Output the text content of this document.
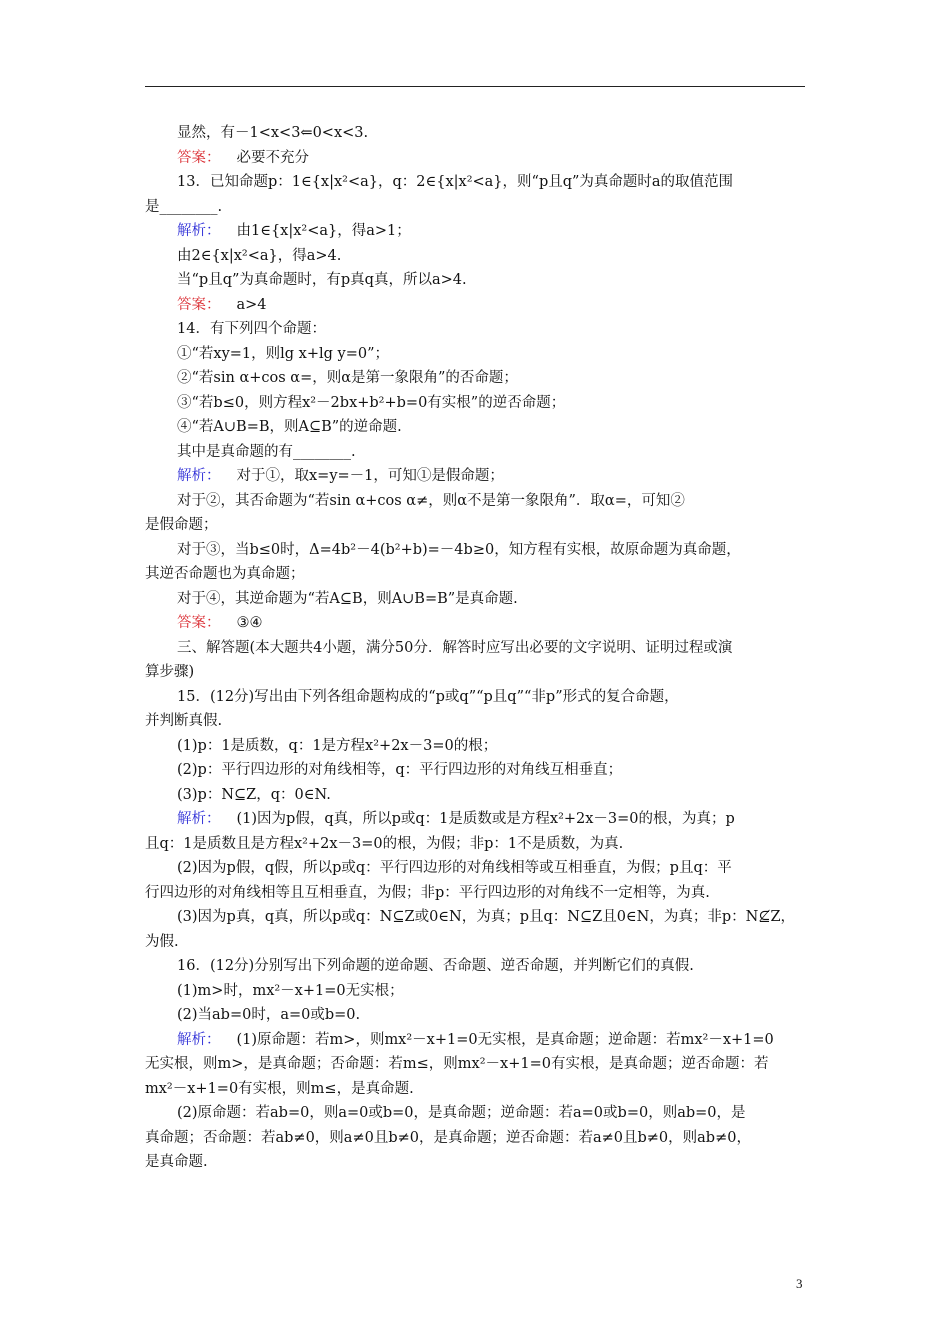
显然，有－1<x<3⇐0<x<3.

答案： 必要不充分

13．已知命题p：1∈{x|x²<a}，q：2∈{x|x²<a}，则“p且q”为真命题时a的取值范围

是________.

解析： 由1∈{x|x²<a}，得a>1；

由2∈{x|x²<a}，得a>4.

当“p且q”为真命题时，有p真q真，所以a>4.

答案： a>4

14．有下列四个命题：

①“若xy=1，则lg x+lg y=0”；

②“若sin α+cos α=，则α是第一象限角”的否命题；

③“若b≤0，则方程x²－2bx+b²+b=0有实根”的逆否命题；

④“若A∪B=B，则A⊆B”的逆命题.

其中是真命题的有________.

解析： 对于①，取x=y=－1，可知①是假命题；

对于②，其否命题为“若sin α+cos α≠，则α不是第一象限角”．取α=，可知②

是假命题；

对于③，当b≤0时，Δ=4b²－4(b²+b)=－4b≥0，知方程有实根，故原命题为真命题，

其逆否命题也为真命题；

对于④，其逆命题为“若A⊆B，则A∪B=B”是真命题.

答案： ③④

三、解答题(本大题共4小题，满分50分．解答时应写出必要的文字说明、证明过程或演

算步骤)

15．(12分)写出由下列各组命题构成的“p或q”“p且q”“非p”形式的复合命题，

并判断真假.

(1)p：1是质数，q：1是方程x²+2x－3=0的根；

(2)p：平行四边形的对角线相等，q：平行四边形的对角线互相垂直；

(3)p：N⊆Z，q：0∈N.

解析： (1)因为p假，q真，所以p或q：1是质数或是方程x²+2x－3=0的根，为真；p

且q：1是质数且是方程x²+2x－3=0的根，为假；非p：1不是质数，为真.

(2)因为p假，q假，所以p或q：平行四边形的对角线相等或互相垂直，为假；p且q：平

行四边形的对角线相等且互相垂直，为假；非p：平行四边形的对角线不一定相等，为真.

(3)因为p真，q真，所以p或q：N⊆Z或0∈N，为真；p且q：N⊆Z且0∈N，为真；非p：N⊈Z，

为假.

16．(12分)分别写出下列命题的逆命题、否命题、逆否命题，并判断它们的真假.

(1)m>时，mx²－x+1=0无实根；

(2)当ab=0时，a=0或b=0.

解析： (1)原命题：若m>，则mx²－x+1=0无实根，是真命题；逆命题：若mx²－x+1=0

无实根，则m>，是真命题；否命题：若m≤，则mx²－x+1=0有实根，是真命题；逆否命题：若

mx²－x+1=0有实根，则m≤，是真命题.

(2)原命题：若ab=0，则a=0或b=0，是真命题；逆命题：若a=0或b=0，则ab=0，是

真命题；否命题：若ab≠0，则a≠0且b≠0，是真命题；逆否命题：若a≠0且b≠0，则ab≠0，

是真命题.

3
